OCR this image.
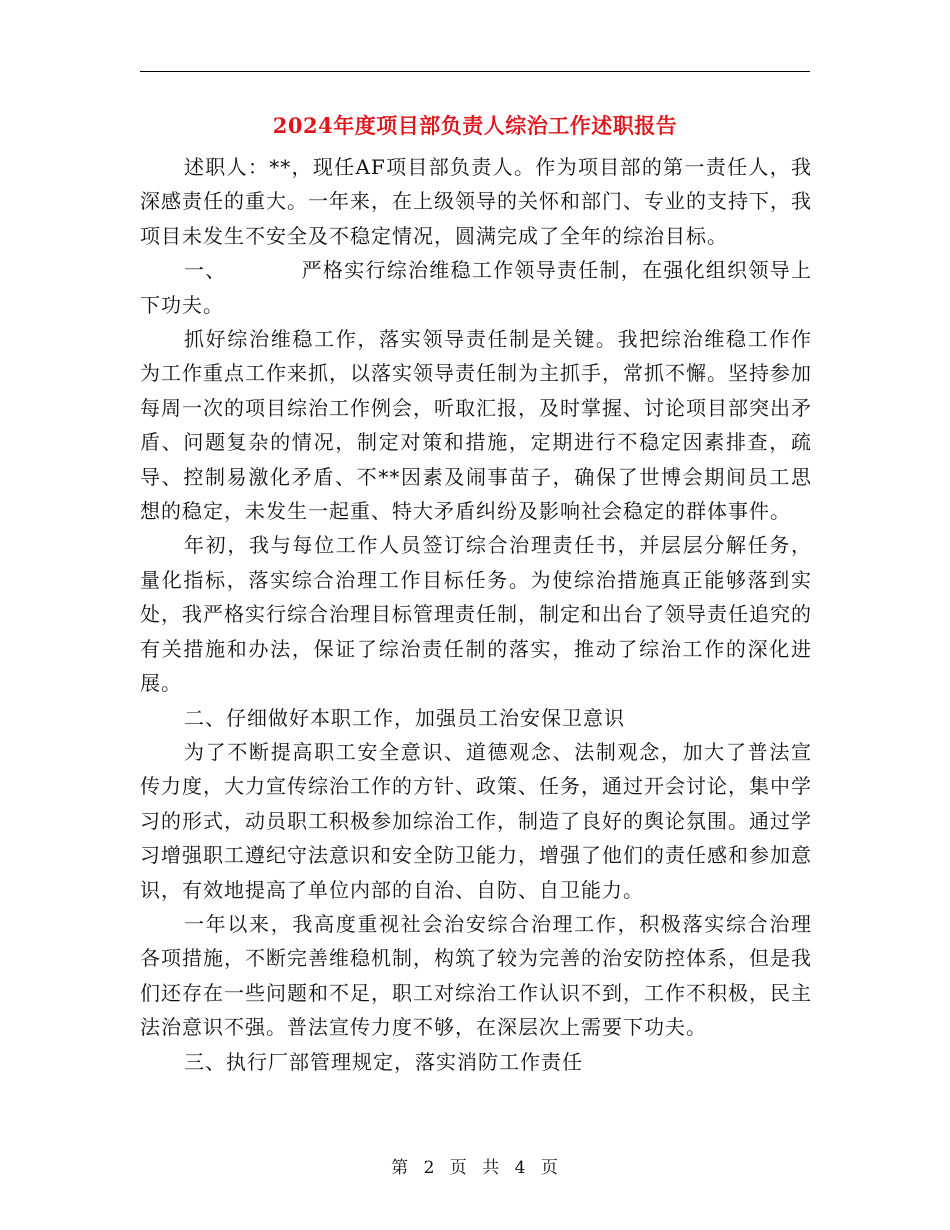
2024年度项目部负责人综治工作述职报告

述职人：**，现任AF项目部负责人。作为项目部的第一责任人，我深感责任的重大。一年来，在上级领导的关怀和部门、专业的支持下，我项目未发生不安全及不稳定情况，圆满完成了全年的综治目标。

一、　　　　严格实行综治维稳工作领导责任制，在强化组织领导上下功夫。

抓好综治维稳工作，落实领导责任制是关键。我把综治维稳工作作为工作重点工作来抓，以落实领导责任制为主抓手，常抓不懈。坚持参加每周一次的项目综治工作例会，听取汇报，及时掌握、讨论项目部突出矛盾、问题复杂的情况，制定对策和措施，定期进行不稳定因素排查，疏导、控制易激化矛盾、不**因素及闹事苗子，确保了世博会期间员工思想的稳定，未发生一起重、特大矛盾纠纷及影响社会稳定的群体事件。

年初，我与每位工作人员签订综合治理责任书，并层层分解任务，量化指标，落实综合治理工作目标任务。为使综治措施真正能够落到实处，我严格实行综合治理目标管理责任制，制定和出台了领导责任追究的有关措施和办法，保证了综治责任制的落实，推动了综治工作的深化进展。

二、仔细做好本职工作，加强员工治安保卫意识

为了不断提高职工安全意识、道德观念、法制观念，加大了普法宣传力度，大力宣传综治工作的方针、政策、任务，通过开会讨论，集中学习的形式，动员职工积极参加综治工作，制造了良好的舆论氛围。通过学习增强职工遵纪守法意识和安全防卫能力，增强了他们的责任感和参加意识，有效地提高了单位内部的自治、自防、自卫能力。

一年以来，我高度重视社会治安综合治理工作，积极落实综合治理各项措施，不断完善维稳机制，构筑了较为完善的治安防控体系，但是我们还存在一些问题和不足，职工对综治工作认识不到，工作不积极，民主法治意识不强。普法宣传力度不够，在深层次上需要下功夫。

三、执行厂部管理规定，落实消防工作责任

第 2 页 共 4 页
